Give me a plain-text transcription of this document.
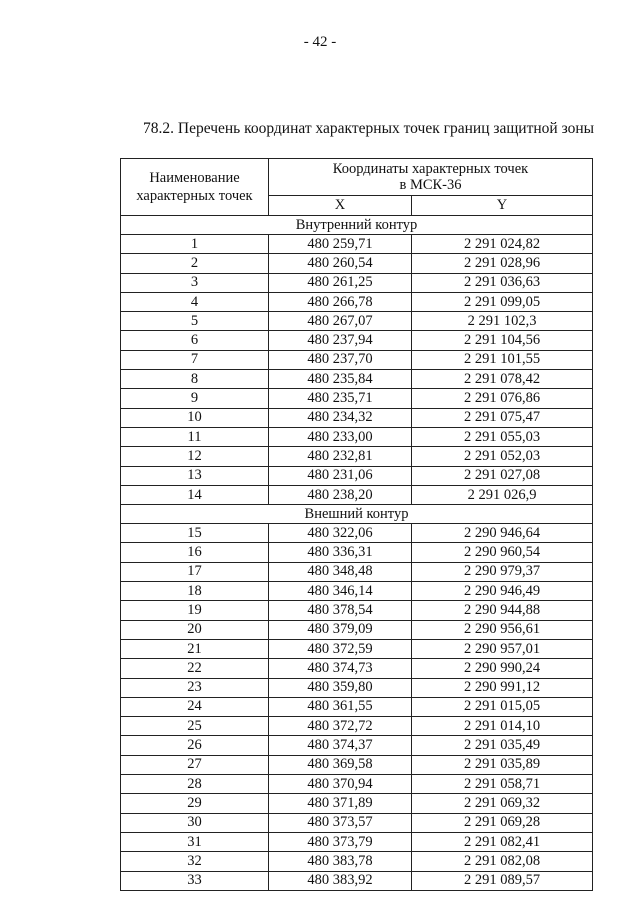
- 42 -
78.2. Перечень координат характерных точек границ защитной зоны
Наименование
характерных точек	Координаты характерных точек
в МСК-36	
	X	Y
Внутренний контур		
1	480 259,71	2 291 024,82
2	480 260,54	2 291 028,96
3	480 261,25	2 291 036,63
4	480 266,78	2 291 099,05
5	480 267,07	2 291 102,3
6	480 237,94	2 291 104,56
7	480 237,70	2 291 101,55
8	480 235,84	2 291 078,42
9	480 235,71	2 291 076,86
10	480 234,32	2 291 075,47
11	480 233,00	2 291 055,03
12	480 232,81	2 291 052,03
13	480 231,06	2 291 027,08
14	480 238,20	2 291 026,9
Внешний контур		
15	480 322,06	2 290 946,64
16	480 336,31	2 290 960,54
17	480 348,48	2 290 979,37
18	480 346,14	2 290 946,49
19	480 378,54	2 290 944,88
20	480 379,09	2 290 956,61
21	480 372,59	2 290 957,01
22	480 374,73	2 290 990,24
23	480 359,80	2 290 991,12
24	480 361,55	2 291 015,05
25	480 372,72	2 291 014,10
26	480 374,37	2 291 035,49
27	480 369,58	2 291 035,89
28	480 370,94	2 291 058,71
29	480 371,89	2 291 069,32
30	480 373,57	2 291 069,28
31	480 373,79	2 291 082,41
32	480 383,78	2 291 082,08
33	480 383,92	2 291 089,57
